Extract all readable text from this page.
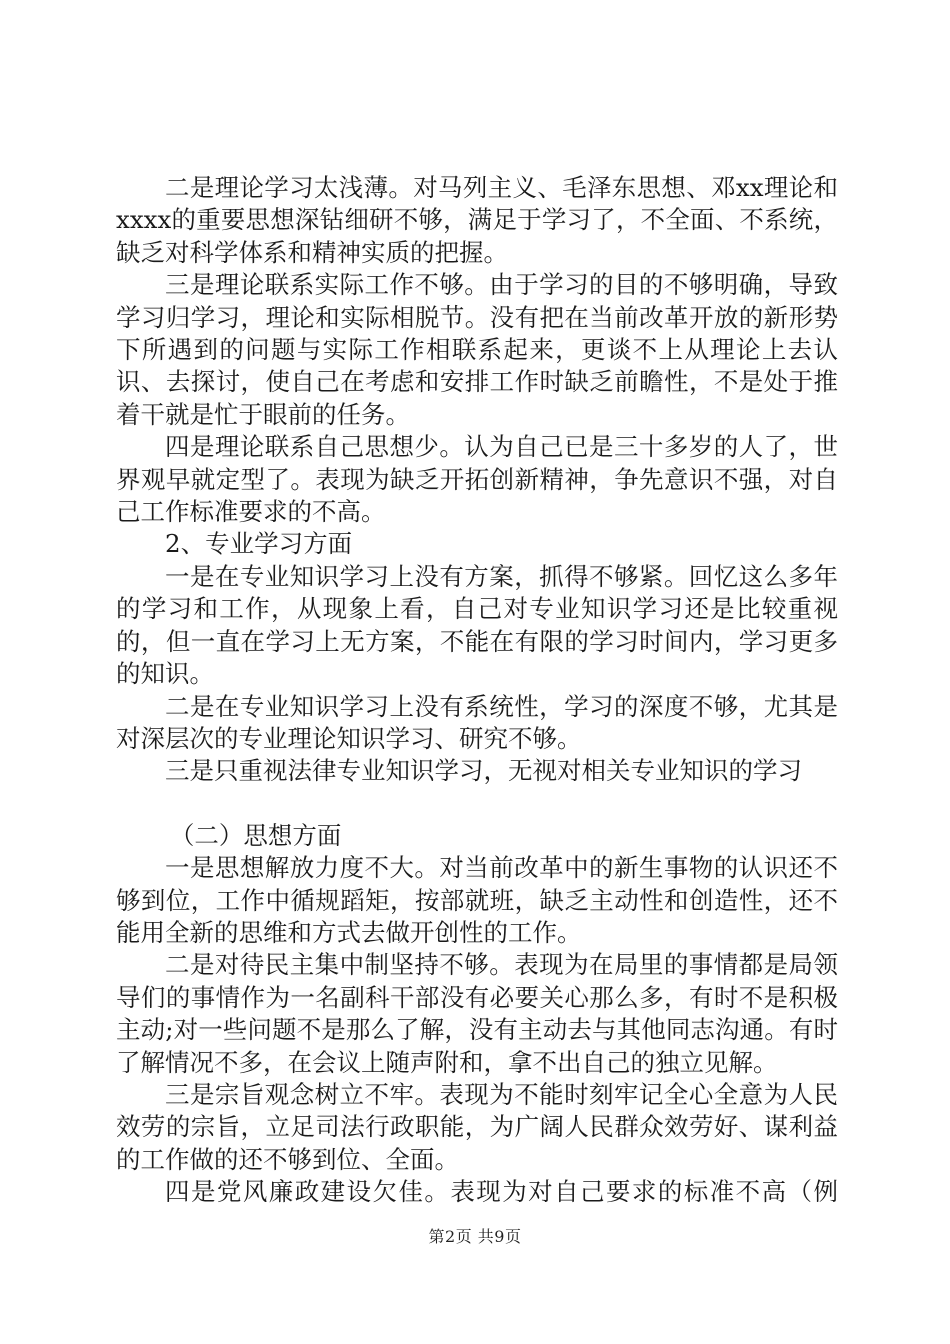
二是理论学习太浅薄。对马列主义、毛泽东思想、邓xx理论和xxxx的重要思想深钻细研不够，满足于学习了，不全面、不系统，缺乏对科学体系和精神实质的把握。

三是理论联系实际工作不够。由于学习的目的不够明确，导致学习归学习，理论和实际相脱节。没有把在当前改革开放的新形势下所遇到的问题与实际工作相联系起来，更谈不上从理论上去认识、去探讨，使自己在考虑和安排工作时缺乏前瞻性，不是处于推着干就是忙于眼前的任务。

四是理论联系自己思想少。认为自己已是三十多岁的人了，世界观早就定型了。表现为缺乏开拓创新精神，争先意识不强，对自己工作标准要求的不高。

2、专业学习方面

一是在专业知识学习上没有方案，抓得不够紧。回忆这么多年的学习和工作，从现象上看，自己对专业知识学习还是比较重视的，但一直在学习上无方案，不能在有限的学习时间内，学习更多的知识。

二是在专业知识学习上没有系统性，学习的深度不够，尤其是对深层次的专业理论知识学习、研究不够。

三是只重视法律专业知识学习，无视对相关专业知识的学习

（二）思想方面

一是思想解放力度不大。对当前改革中的新生事物的认识还不够到位，工作中循规蹈矩，按部就班，缺乏主动性和创造性，还不能用全新的思维和方式去做开创性的工作。

二是对待民主集中制坚持不够。表现为在局里的事情都是局领导们的事情作为一名副科干部没有必要关心那么多，有时不是积极主动;对一些问题不是那么了解，没有主动去与其他同志沟通。有时了解情况不多，在会议上随声附和，拿不出自己的独立见解。

三是宗旨观念树立不牢。表现为不能时刻牢记全心全意为人民效劳的宗旨，立足司法行政职能，为广阔人民群众效劳好、谋利益的工作做的还不够到位、全面。

四是党风廉政建设欠佳。表现为对自己要求的标准不高（例

第2页 共9页
